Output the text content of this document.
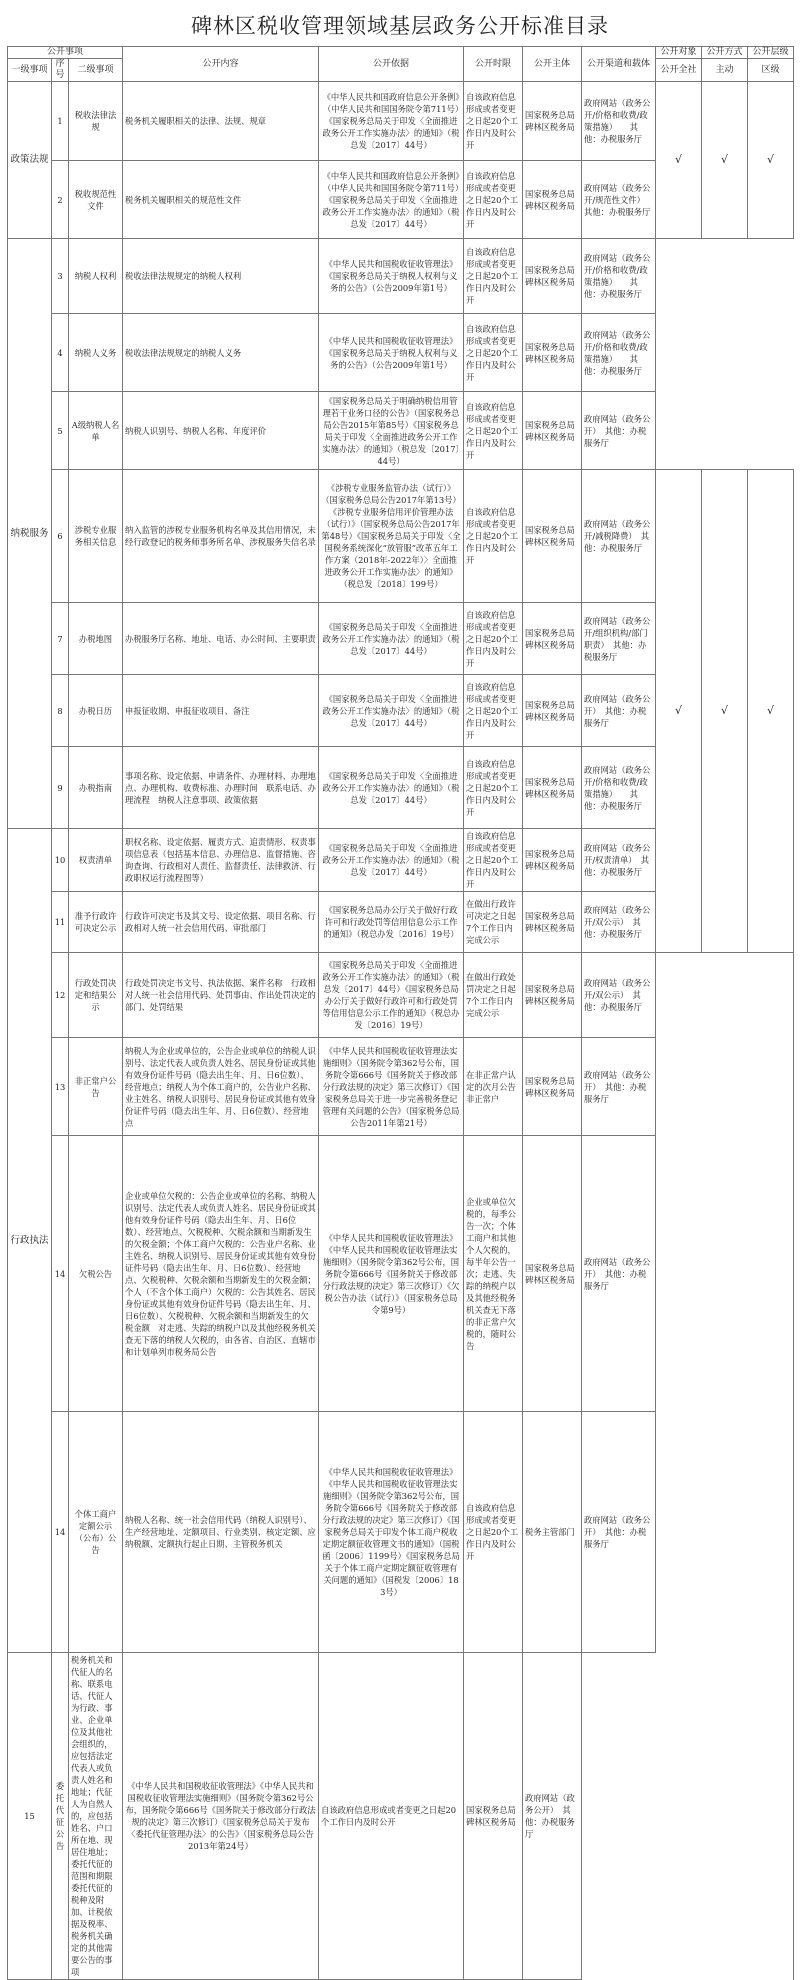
碑林区税收管理领域基层政务公开标准目录
公开事项			公开内容	公开依据	公开时限	公开主体	公开渠道和载体	公开对象	公开方式	公开层级	
一级事项	序号	二级事项						公开全社	主动	区级	
政策法规	1	税收法律法规	税务机关履职相关的法律、法规、规章	《中华人民共和国政府信息公开条例》（中华人民共和国国务院令第711号）《国家税务总局关于印发〈全面推进政务公开工作实施办法〉的通知》（税总发〔2017〕44号）	自该政府信息形成或者变更之日起20个工作日内及时公开	国家税务总局碑林区税务局	政府网站（政务公开/价格和收费/政策措施）　　其他：办税服务厅	√	√	√	
	2	税收规范性文件	税务机关履职相关的规范性文件	《中华人民共和国政府信息公开条例》（中华人民共和国国务院令第711号）《国家税务总局关于印发〈全面推进政务公开工作实施办法〉的通知》（税总发〔2017〕44号）	自该政府信息形成或者变更之日起20个工作日内及时公开	国家税务总局碑林区税务局	政府网站（政务公开/规范性文件）　其他：办税服务厅				
纳税服务	3	纳税人权利	税收法律法规规定的纳税人权利	《中华人民共和国税收征收管理法》《国家税务总局关于纳税人权利与义务的公告》（公告2009年第1号）	自该政府信息形成或者变更之日起20个工作日内及时公开	国家税务总局碑林区税务局	政府网站（政务公开/价格和收费/政策措施）　　其他：办税服务厅				
	4	纳税人义务	税收法律法规规定的纳税人义务	《中华人民共和国税收征收管理法》《国家税务总局关于纳税人权利与义务的公告》（公告2009年第1号）	自该政府信息形成或者变更之日起20个工作日内及时公开	国家税务总局碑林区税务局	政府网站（政务公开/价格和收费/政策措施）　　其他：办税服务厅				
	5	A级纳税人名单	纳税人识别号、纳税人名称、年度评价	《国家税务总局关于明确纳税信用管理若干业务口径的公告》（国家税务总局公告2015年第85号）《国家税务总局关于印发〈全面推进政务公开工作实施办法〉的通知》（税总发〔2017〕44号）	自该政府信息形成或者变更之日起20个工作日内及时公开	国家税务总局碑林区税务局	政府网站（政务公开）　其他：办税服务厅				
	6	涉税专业服务相关信息	纳入监管的涉税专业服务机构名单及其信用情况，未经行政登记的税务师事务所名单、涉税服务失信名录	《涉税专业服务监管办法（试行）》（国家税务总局公告2017年第13号）《涉税专业服务信用评价管理办法（试行）》（国家税务总局公告2017年第48号）《国家税务总局关于印发〈全国税务系统深化“放管服”改革五年工作方案（2018年-2022年）〉全面推进政务公开工作实施办法〉的通知》（税总发〔2018〕199号）	自该政府信息形成或者变更之日起20个工作日内及时公开	国家税务总局碑林区税务局	政府网站（政务公开/减税降费）　其他：办税服务厅	√	√	√	
	7	办税地图	办税服务厅名称、地址、电话、办公时间、主要职责	《国家税务总局关于印发〈全面推进政务公开工作实施办法〉的通知》（税总发〔2017〕44号）	自该政府信息形成或者变更之日起20个工作日内及时公开	国家税务总局碑林区税务局	政府网站（政务公开/组织机构/部门职责）　其他：办税服务厅				
	8	办税日历	申报征收期、申报征收项目、备注	《国家税务总局关于印发〈全面推进政务公开工作实施办法〉的通知》（税总发〔2017〕44号）	自该政府信息形成或者变更之日起20个工作日内及时公开	国家税务总局碑林区税务局	政府网站（政务公开）　其他：办税服务厅				
	9	办税指南	事项名称、设定依据、申请条件、办理材料、办理地点、办理机构、收费标准、办理时间　联系电话、办理流程　纳税人注意事项、政策依据	《国家税务总局关于印发〈全面推进政务公开工作实施办法〉的通知》（税总发〔2017〕44号）	自该政府信息形成或者变更之日起20个工作日内及时公开	国家税务总局碑林区税务局	政府网站（政务公开/价格和收费/政策措施）　　其他：办税服务厅				
行政执法	10	权责清单	职权名称、设定依据、履责方式、追责情形、权责事项信息表（包括基本信息、办理信息、监督措施、咨询查询、行政相对人责任、监督责任、法律救济、行政职权运行流程图等）	《国家税务总局关于印发〈全面推进政务公开工作实施办法〉的通知》（税总发〔2017〕44号）	自该政府信息形成或者变更之日起20个工作日内及时公开	国家税务总局碑林区税务局	政府网站（政务公开/权责清单）　其他：办税服务厅				
	11	准予行政许可决定公示	行政许可决定书及其文号、设定依据、项目名称、行政相对人统一社会信用代码、审批部门	《国家税务总局办公厅关于做好行政许可和行政处罚等信用信息公示工作的通知》（税总办发〔2016〕19号）	在做出行政许可决定之日起7个工作日内完成公示	国家税务总局碑林区税务局	政府网站（政务公开/双公示）　其他：办税服务厅			
	12	行政处罚决定和结果公示	行政处罚决定书文号、执法依据、案件名称　行政相对人统一社会信用代码、处罚事由、作出处罚决定的部门、处罚结果	《国家税务总局关于印发〈全面推进政务公开工作实施办法〉的通知》（税总发〔2017〕44号）《国家税务总局办公厅关于做好行政许可和行政处罚等信用信息公示工作的通知》（税总办发〔2016〕19号）	在做出行政处罚决定之日起7个工作日内完成公示	国家税务总局碑林区税务局	政府网站（政务公开/双公示）　其他：办税服务厅				
	13	非正常户公告	纳税人为企业或单位的，公告企业或单位的纳税人识别号、法定代表人或负责人姓名、居民身份证或其他有效身份证件号码（隐去出生年、月、日6位数）、经营地点；纳税人为个体工商户的，公告业户名称、业主姓名、纳税人识别号、居民身份证或其他有效身份证件号码（隐去出生年、月、日6位数）、经营地点	《中华人民共和国税收征收管理法实施细则》（国务院令第362号公布，国务院令第666号《国务院关于修改部分行政法规的决定》第三次修订）《国家税务总局关于进一步完善税务登记管理有关问题的公告》（国家税务总局公告2011年第21号）	在非正常户认定的次月公告非正常户	国家税务总局碑林区税务局	政府网站（政务公开）　其他：办税服务厅				
	14	欠税公告	企业或单位欠税的：公告企业或单位的名称、纳税人识别号、法定代表人或负责人姓名、居民身份证或其他有效身份证件号码（隐去出生年、月、日6位数）、经营地点、欠税税种、欠税余额和当期新发生的欠税金额；个体工商户欠税的：公告业户名称、业主姓名、纳税人识别号、居民身份证或其他有效身份证件号码（隐去出生年、月、日6位数）、经营地点、欠税税种、欠税余额和当期新发生的欠税金额；个人（不含个体工商户）欠税的：公告其姓名、居民身份证或其他有效身份证件号码（隐去出生年、月、日6位数）、欠税税种、欠税余额和当期新发生的欠税金额　对走逃、失踪的纳税户以及其他经税务机关查无下落的纳税人欠税的，由各省、自治区、直辖市和计划单列市税务局公告	《中华人民共和国税收征收管理法》《中华人民共和国税收征收管理法实施细则》（国务院令第362号公布，国务院令第666号《国务院关于修改部分行政法规的决定》第三次修订）《欠税公告办法（试行）》（国家税务总局令第9号）	企业或单位欠税的，每季公告一次；个体工商户和其他个人欠税的，每半年公告一次；走逃、失踪的纳税户以及其他经税务机关查无下落的非正常户欠税的，随时公告	国家税务总局碑林区税务局	政府网站（政务公开）　其他：办税服务厅				
	14	个体工商户定额公示（公布）公告	纳税人名称、统一社会信用代码（纳税人识别号）、生产经营地址、定额项目、行业类别、核定定额、应纳税额、定额执行起止日期、主管税务机关	《中华人民共和国税收征收管理法》《中华人民共和国税收征收管理法实施细则》（国务院令第362号公布，国务院令第666号《国务院关于修改部分行政法规的决定》第三次修订）《国家税务总局关于印发个体工商户税收定期定额征收管理文书的通知》（国税函〔2006〕1199号）《国家税务总局关于个体工商户定期定额征收管理有关问题的通知》（国税发〔2006〕183号）	自该政府信息形成或者变更之日起20个工作日内及时公开	税务主管部门	政府网站（政务公开）　其他：办税服务厅				
15	委托代征公告	税务机关和代征人的名称、联系电话、代征人为行政、事业、企业单位及其他社会组织的，应包括法定代表人或负责人姓名和地址；代征人为自然人的，应包括姓名、户口所在地、现居住地址；委托代征的范围和期限委托代征的税种及附加、计税依据及税率、税务机关确定的其他需要公告的事项	《中华人民共和国税收征收管理法》《中华人民共和国税收征收管理法实施细则》（国务院令第362号公布，国务院令第666号《国务院关于修改部分行政法规的决定》第三次修订）《国家税务总局关于发布〈委托代征管理办法〉的公告》（国家税务总局公告2013年第24号）	自该政府信息形成或者变更之日起20个工作日内及时公开	国家税务总局碑林区税务局	政府网站（政务公开）　其他：办税服务厅					
